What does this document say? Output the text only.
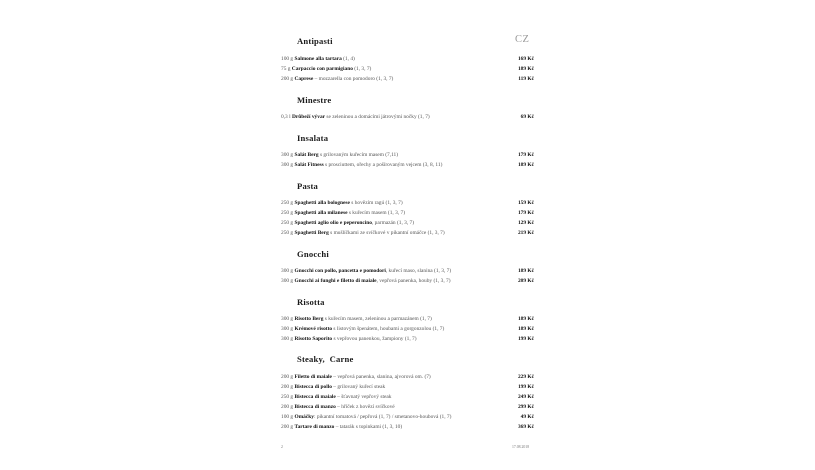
CZ
Antipasti
100 g Salmone alla tartara (1, 4)	169 Kč
75 g Carpaccio con parmigiano (1, 3, 7)	189 Kč
200 g Caprese – mozzarella con pomodoro (1, 3, 7)	119 Kč
Minestre
0,3 l Drůbeží vývar se zeleninou a domácími játrovými nočky (1, 7)	69 Kč
Insalata
300 g Salát Berg s grilovaným kuřecím masem (7,11)	179 Kč
300 g Salát Fitness s prosciuttem, ořechy a pošírovaným vejcem (3, 8, 11)	189 Kč
Pasta
250 g Spaghetti alla bolognese s hovězím ragú (1, 3, 7)	159 Kč
250 g Spaghetti alla milanese s kuřecím masem (1, 3, 7)	179 Kč
250 g Spaghetti aglio olio e peperoncino, parmazán (1, 3, 7)	129 Kč
250 g Spaghetti Berg s mušlíčkami ze svíčkové v pikantní omáčce (1, 3, 7)	219 Kč
Gnocchi
300 g Gnocchi con pollo, pancetta e pomodori, kuřecí maso, slanina (1, 3, 7)	189 Kč
300 g Gnocchi ai funghi e filetto di maiale, vepřová panenka, houby (1, 3, 7)	209 Kč
Risotta
300 g Risotto Berg s kuřecím masem, zeleninou a parmazánem (1, 7)	189 Kč
300 g Krémové risotto s listovým špenátem, houbami a gorgonzolou (1, 7)	189 Kč
300 g Risotto Saporito s vepřovou panenkou, žampiony (1, 7)	199 Kč
Steaky,  Carne
200 g Filetto di maiale – vepřová panenka, slanina, ajvorová om. (7)	229 Kč
200 g Bistecca di pollo – grilovaný kuřecí steak	199 Kč
250 g Bistecca di maiale – šťavnatý vepřový steak	249 Kč
200 g Bistecca di manzo – hříček z hovězí svíčkové	299 Kč
100 g Omáčky: pikantní tomatová / pepřová (1, 7) / smetanovo-houbová (1, 7)	49 Kč
200 g Tartare di manzo – tatarák s topinkami (1, 3, 10)	369 Kč
2	17.08.2018
